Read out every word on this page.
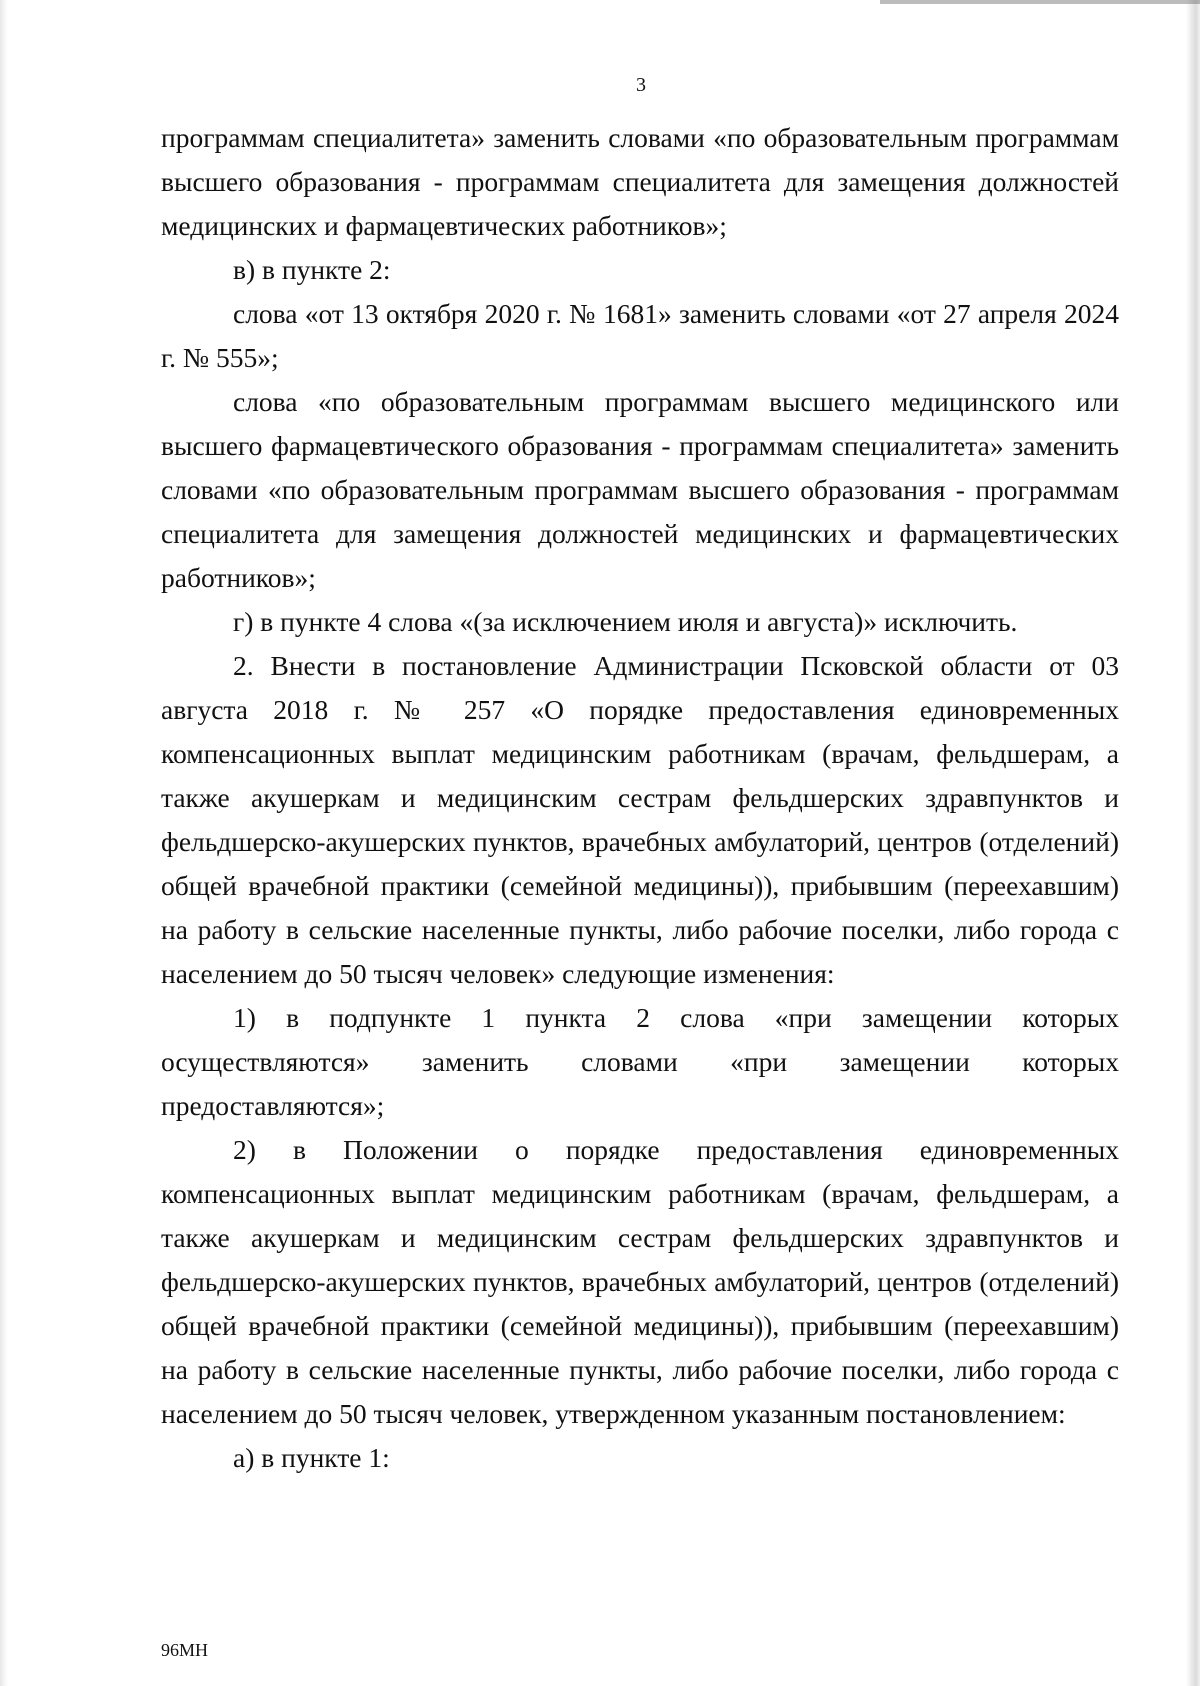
3

программам специалитета» заменить словами «по образовательным программам высшего образования - программам специалитета для замещения должностей медицинских и фармацевтических работников»;

в) в пункте 2:

слова «от 13 октября 2020 г. № 1681» заменить словами «от 27 апреля 2024 г. № 555»;

слова «по образовательным программам высшего медицинского или высшего фармацевтического образования - программам специалитета» заменить словами «по образовательным программам высшего образования - программам специалитета для замещения должностей медицинских и фармацевтических работников»;

г) в пункте 4 слова «(за исключением июля и августа)» исключить.

2. Внести в постановление Администрации Псковской области от 03 августа 2018 г. № 257 «О порядке предоставления единовременных компенсационных выплат медицинским работникам (врачам, фельдшерам, а также акушеркам и медицинским сестрам фельдшерских здравпунктов и фельдшерско-акушерских пунктов, врачебных амбулаторий, центров (отделений) общей врачебной практики (семейной медицины)), прибывшим (переехавшим) на работу в сельские населенные пункты, либо рабочие поселки, либо города с населением до 50 тысяч человек» следующие изменения:

1) в подпункте 1 пункта 2 слова «при замещении которых осуществляются» заменить словами «при замещении которых предоставляются»;

2) в Положении о порядке предоставления единовременных компенсационных выплат медицинским работникам (врачам, фельдшерам, а также акушеркам и медицинским сестрам фельдшерских здравпунктов и фельдшерско-акушерских пунктов, врачебных амбулаторий, центров (отделений) общей врачебной практики (семейной медицины)), прибывшим (переехавшим) на работу в сельские населенные пункты, либо рабочие поселки, либо города с населением до 50 тысяч человек, утвержденном указанным постановлением:

а) в пункте 1:

96МН
